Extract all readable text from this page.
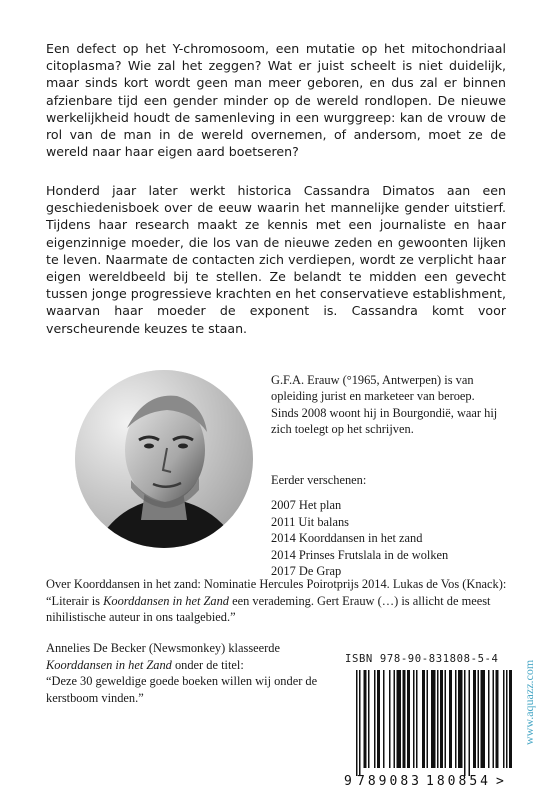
Een defect op het Y-chromosoom, een mutatie op het mitochondriaal citoplasma? Wie zal het zeggen? Wat er juist scheelt is niet duidelijk, maar sinds kort wordt geen man meer geboren, en dus zal er binnen afzienbare tijd een gender minder op de wereld rondlopen. De nieuwe werkelijkheid houdt de samenleving in een wurggreep: kan de vrouw de rol van de man in de wereld overnemen, of andersom, moet ze de wereld naar haar eigen aard boetseren?

Honderd jaar later werkt historica Cassandra Dimatos aan een geschiedenisboek over de eeuw waarin het mannelijke gender uitstierf. Tijdens haar research maakt ze kennis met een journaliste en haar eigenzinnige moeder, die los van de nieuwe zeden en gewoonten lijken te leven. Naarmate de contacten zich verdiepen, wordt ze verplicht haar eigen wereldbeeld bij te stellen. Ze belandt te midden een gevecht tussen jonge progressieve krachten en het conservatieve establishment, waarvan haar moeder de exponent is. Cassandra komt voor verscheurende keuzes te staan.

G.F.A. Erauw (°1965, Antwerpen) is van opleiding jurist en marketeer van beroep. Sinds 2008 woont hij in Bourgondië, waar hij zich toelegt op het schrijven.

Eerder verschenen:
2007 Het plan
2011 Uit balans
2014 Koorddansen in het zand
2014 Prinses Frutslala in de wolken
2017 De Grap

Over Koorddansen in het zand: Nominatie Hercules Poirotprijs 2014. Lukas de Vos (Knack): “Literair is Koorddansen in het Zand een verademing. Gert Erauw (…) is allicht de meest nihilistische auteur in ons taalgebied.”

Annelies De Becker (Newsmonkey) klasseerde
Koorddansen in het Zand onder de titel:
“Deze 30 geweldige goede boeken willen wij onder de kerstboom vinden.”

ISBN 978-90-831808-5-4
9 789083 180854 >
www.aquazz.com
